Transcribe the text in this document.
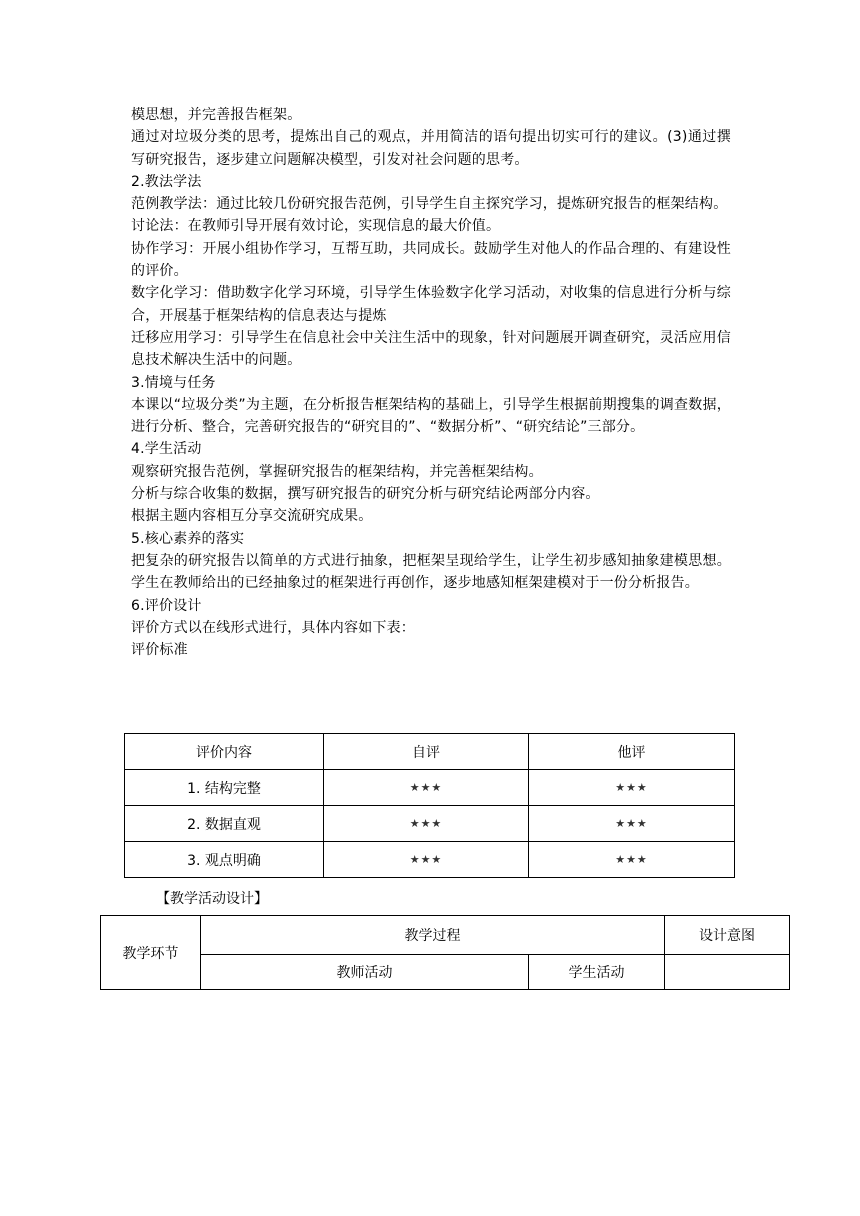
模思想，并完善报告框架。

通过对垃圾分类的思考，提炼出自己的观点，并用简洁的语句提出切实可行的建议。(3)通过撰写研究报告，逐步建立问题解决模型，引发对社会问题的思考。

2.教法学法

范例教学法：通过比较几份研究报告范例，引导学生自主探究学习，提炼研究报告的框架结构。

讨论法：在教师引导开展有效讨论，实现信息的最大价值。

协作学习：开展小组协作学习，互帮互助，共同成长。鼓励学生对他人的作品合理的、有建设性的评价。

数字化学习：借助数字化学习环境，引导学生体验数字化学习活动，对收集的信息进行分析与综合，开展基于框架结构的信息表达与提炼

迁移应用学习：引导学生在信息社会中关注生活中的现象，针对问题展开调查研究，灵活应用信息技术解决生活中的问题。

3.情境与任务

本课以“垃圾分类”为主题，在分析报告框架结构的基础上，引导学生根据前期搜集的调查数据，进行分析、整合，完善研究报告的“研究目的”、“数据分析”、“研究结论”三部分。

4.学生活动

观察研究报告范例，掌握研究报告的框架结构，并完善框架结构。

分析与综合收集的数据，撰写研究报告的研究分析与研究结论两部分内容。

根据主题内容相互分享交流研究成果。

5.核心素养的落实

把复杂的研究报告以简单的方式进行抽象，把框架呈现给学生，让学生初步感知抽象建模思想。学生在教师给出的已经抽象过的框架进行再创作，逐步地感知框架建模对于一份分析报告。

6.评价设计

评价方式以在线形式进行，具体内容如下表：

评价标准

评价内容	自评	他评
1. 结构完整	★★★	★★★
2. 数据直观	★★★	★★★
3. 观点明确	★★★	★★★
【教学活动设计】
教学环节	教学过程		设计意图
	教师活动	学生活动	
